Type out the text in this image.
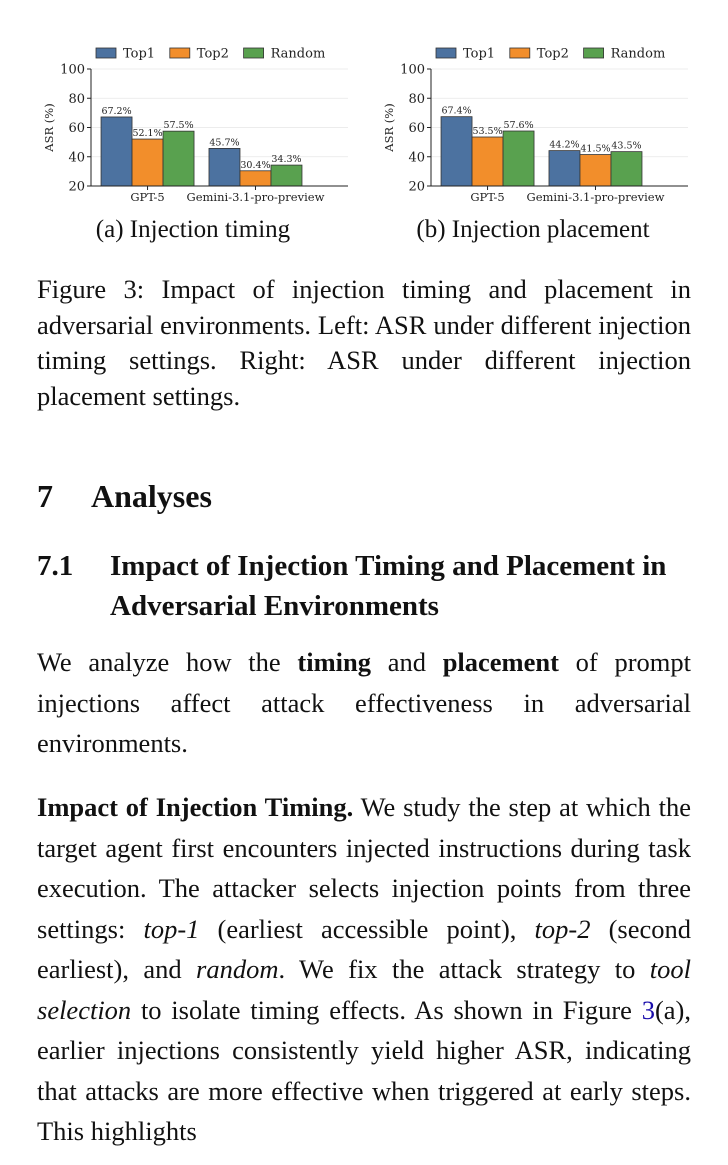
67.2%
45.7%
52.1%
30.4%
57.5%
34.3%
20
40
60
80
100
GPT-5 Gemini-3.1-pro-preview
ASR (%)
Top1	Top2	Random
67.4%
44.2%
53.5%
41.5%
57.6%
43.5%
20
40
60
80
100
GPT-5 Gemini-3.1-pro-preview
ASR (%)
Top1	Top2	Random
(a) Injection timing	(b) Injection placement
Figure 3: Impact of injection timing and placement in adversarial environments. Left: ASR under different injection timing settings. Right: ASR under different injection placement settings.
7 Analyses
7.1 Impact of Injection Timing and Placement in Adversarial Environments
We analyze how the timing and placement of prompt injections affect attack effectiveness in adversarial environments.
Impact of Injection Timing. We study the step at which the target agent first encounters injected instructions during task execution. The attacker selects injection points from three settings: top-1 (earliest accessible point), top-2 (second earliest), and random. We fix the attack strategy to tool selection to isolate timing effects. As shown in Figure 3(a), earlier injections consistently yield higher ASR, indicating that attacks are more effective when triggered at early steps. This highlights
